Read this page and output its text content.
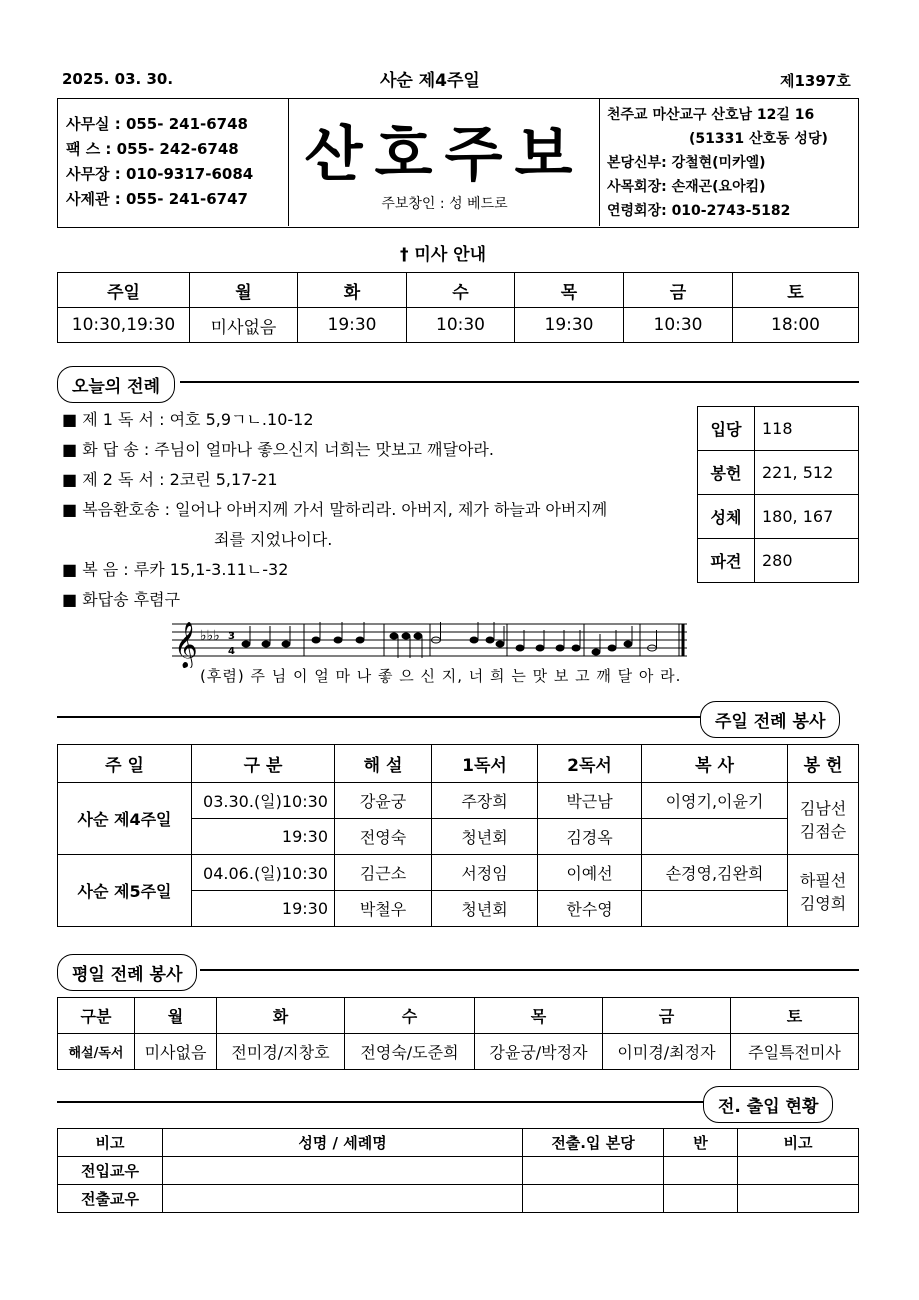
2025. 03. 30.	사순 제4주일	제1397호
사무실 : 055- 241-6748
팩 스 : 055- 242-6748
사무장 : 010-9317-6084
사제관 : 055- 241-6747
산호주보
주보창인 : 성 베드로
천주교 마산교구 산호남 12길 16
(51331 산호동 성당)
본당신부: 강철현(미카엘)
사목회장: 손재곤(요아킴)
연령회장: 010-2743-5182
† 미사 안내
주일	월	화	수	목	금	토
10:30,19:30	미사없음	19:30	10:30	19:30	10:30	18:00
오늘의 전례
■ 제 1 독 서 : 여호 5,9ㄱㄴ.10-12
■ 화 답 송 : 주님이 얼마나 좋으신지 너희는 맛보고 깨달아라.
■ 제 2 독 서 : 2코린 5,17-21
■ 복음환호송 : 일어나 아버지께 가서 말하리라. 아버지, 제가 하늘과 아버지께
죄를 지었나이다.
■ 복 음 : 루카 15,1-3.11ㄴ-32
■ 화답송 후렴구
입당	118
봉헌	221, 512
성체	180, 167
파견	280
𝄞 ♭♭♭ 3
4
(후렴) 주 님 이 얼 마 나 좋 으 신 지, 너 희 는 맛 보 고 깨 달 아 라.
주일 전례 봉사
주 일	구 분	해 설	1독서	2독서	복 사	봉 헌
사순 제4주일	03.30.(일)10:30	강윤궁	주장희	박근남	이영기,이윤기	김남선
김점순

	19:30	전영숙	청년회	김경옥		
사순 제5주일	04.06.(일)10:30	김근소	서정임	이예선	손경영,김완희	하필선
김영희

	19:30	박철우	청년회	한수영		
평일 전례 봉사
구분	월	화	수	목	금	토
해설/독서	미사없음	전미경/지창호	전영숙/도준희	강윤궁/박정자	이미경/최정자	주일특전미사
전. 출입 현황
비고	성명 / 세례명	전출.입 본당	반	비고
전입교우				
전출교우				
